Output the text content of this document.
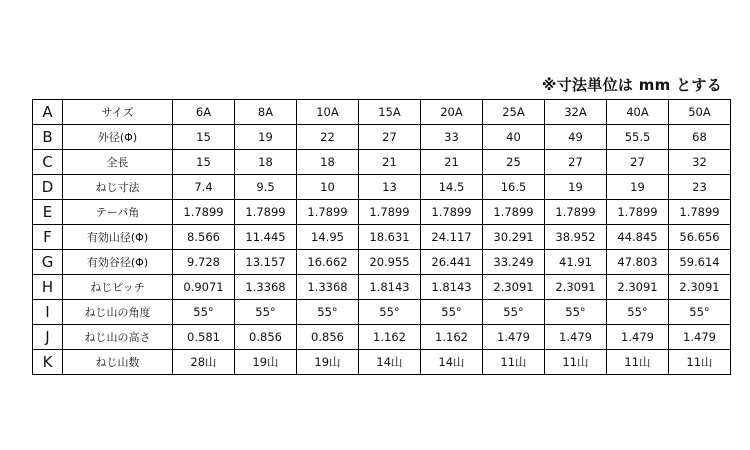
※寸法単位は mm とする
A	サイズ	6A	8A	10A	15A	20A	25A	32A	40A	50A
B	外径(Φ)	15	19	22	27	33	40	49	55.5	68
C	全長	15	18	18	21	21	25	27	27	32
D	ねじ寸法	7.4	9.5	10	13	14.5	16.5	19	19	23
E	テーパ角	1.7899	1.7899	1.7899	1.7899	1.7899	1.7899	1.7899	1.7899	1.7899
F	有効山径(Φ)	8.566	11.445	14.95	18.631	24.117	30.291	38.952	44.845	56.656
G	有効谷径(Φ)	9.728	13.157	16.662	20.955	26.441	33.249	41.91	47.803	59.614
H	ねじピッチ	0.9071	1.3368	1.3368	1.8143	1.8143	2.3091	2.3091	2.3091	2.3091
I	ねじ山の角度	55°	55°	55°	55°	55°	55°	55°	55°	55°
J	ねじ山の高さ	0.581	0.856	0.856	1.162	1.162	1.479	1.479	1.479	1.479
K	ねじ山数	28山	19山	19山	14山	14山	11山	11山	11山	11山
